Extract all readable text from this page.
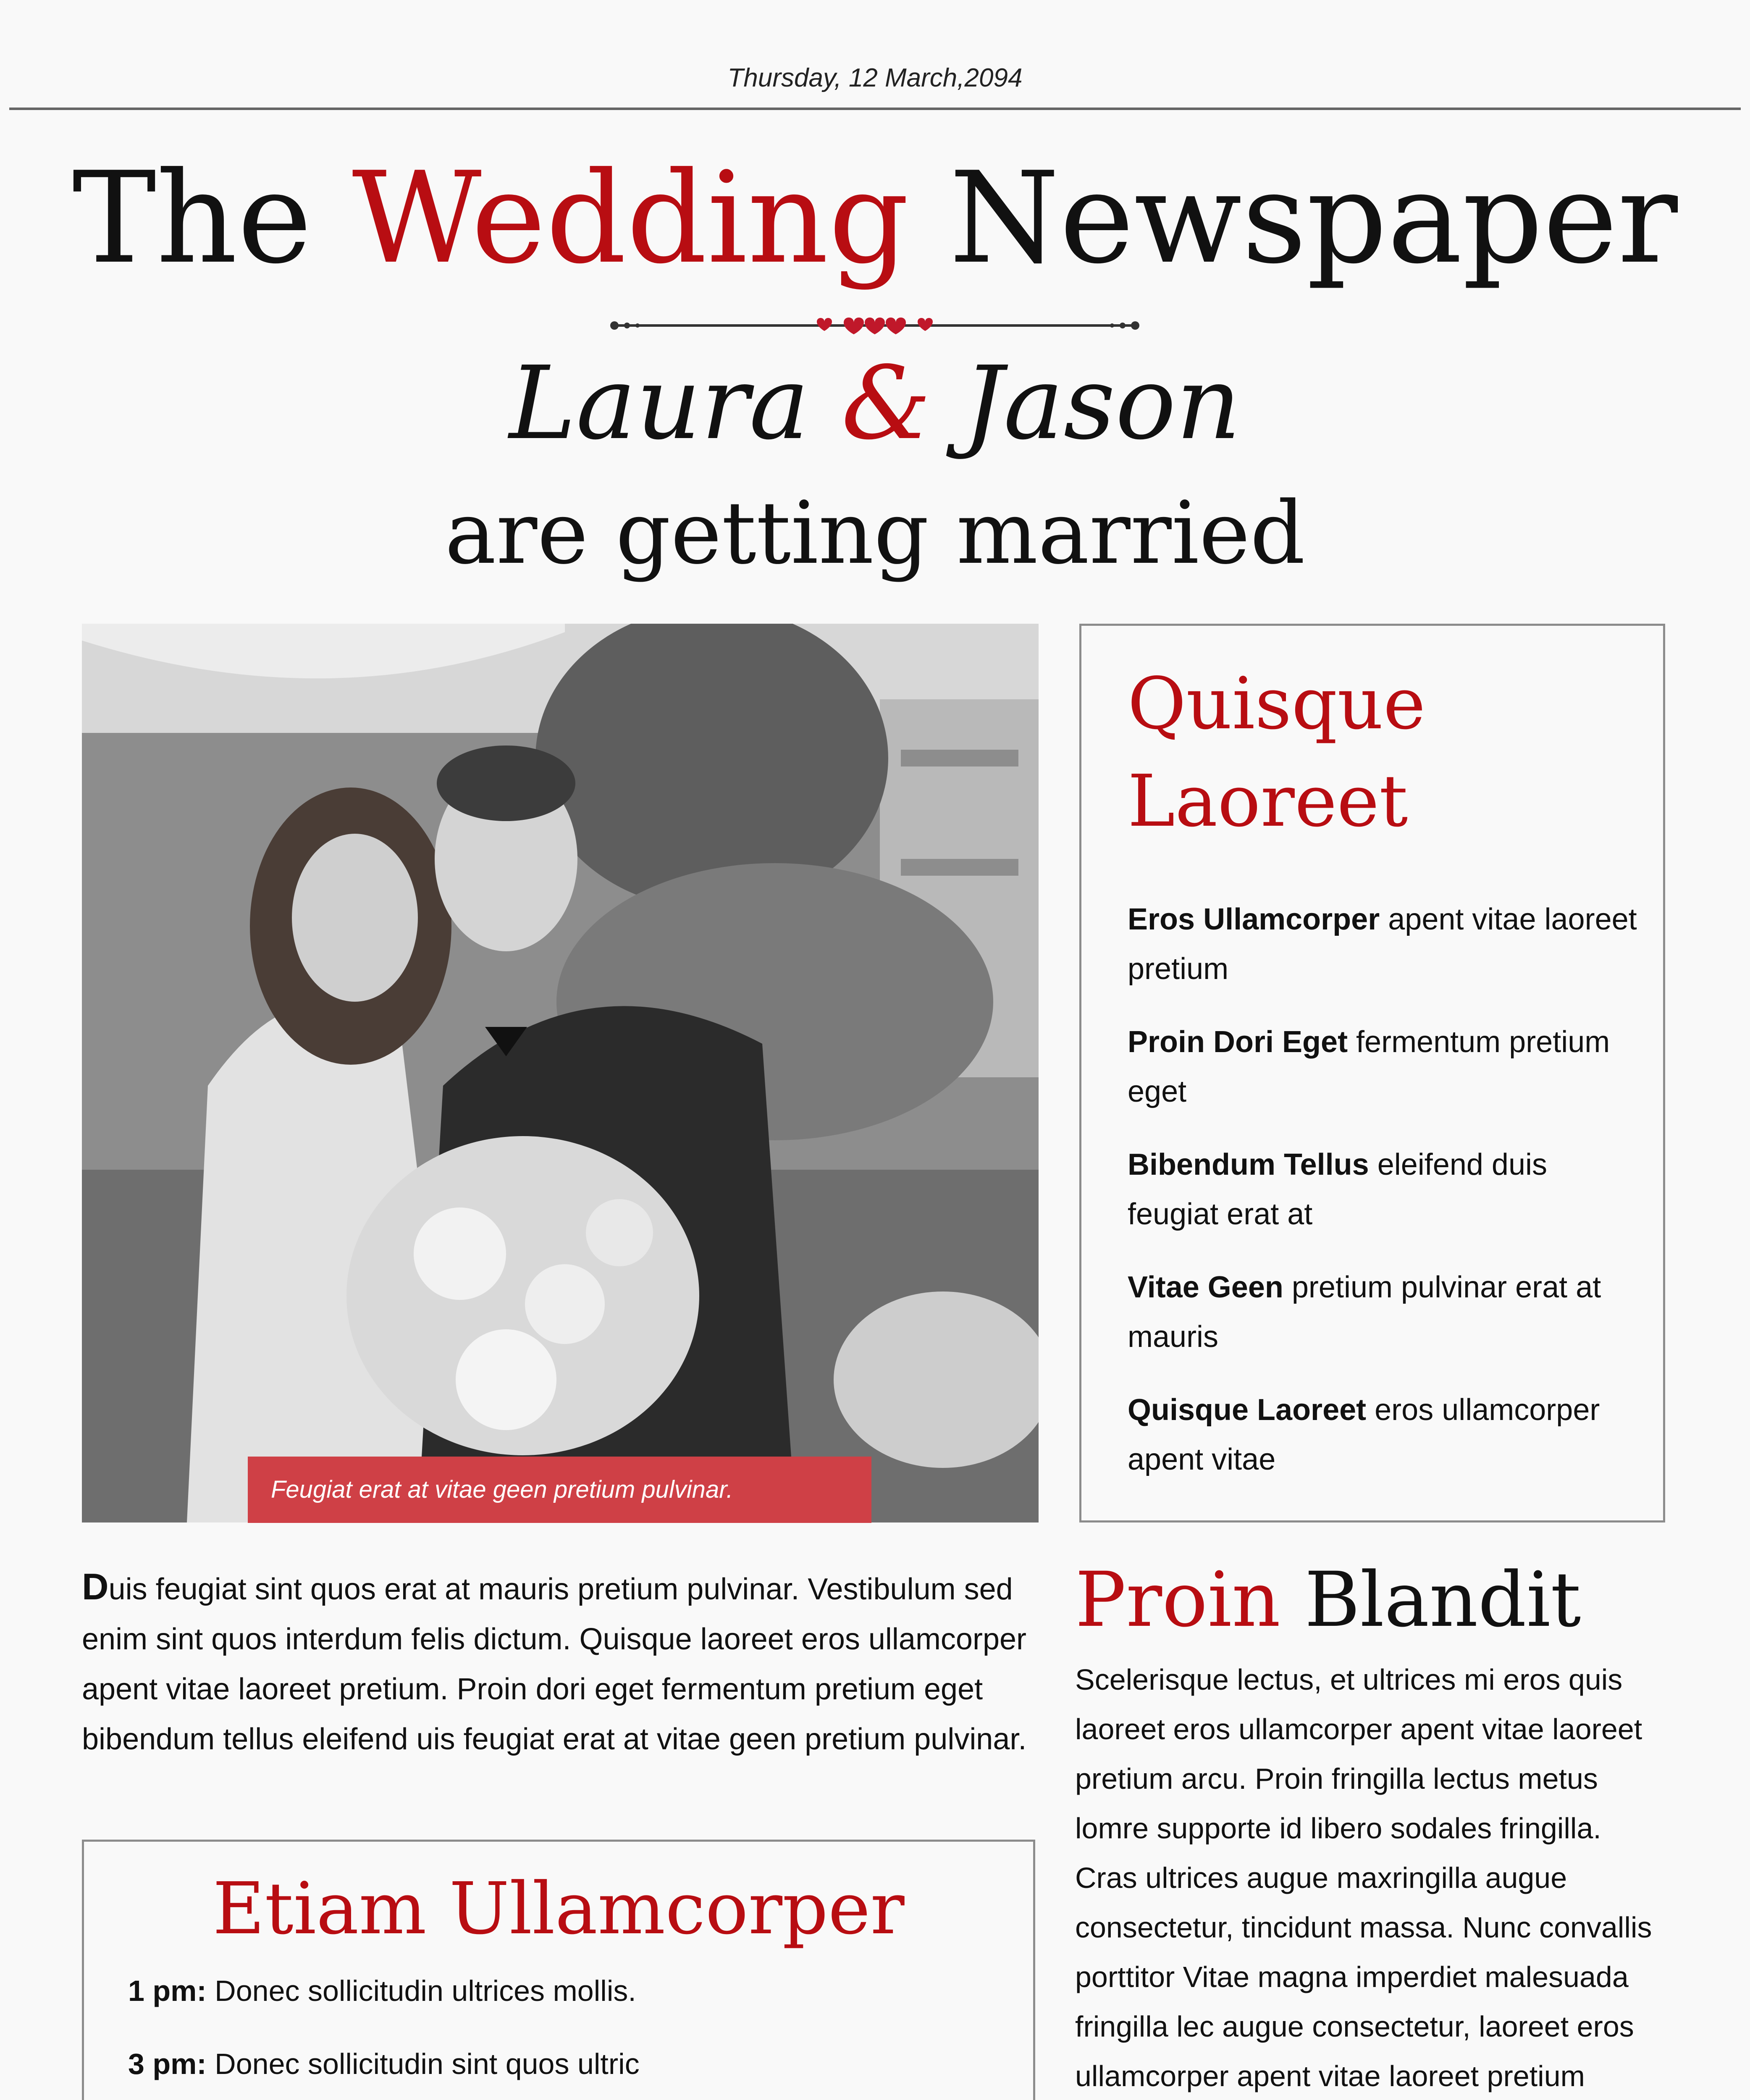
Thursday, 12 March,2094
The Wedding Newspaper
Laura & Jason
are getting married
Feugiat erat at vitae geen pretium pulvinar.
Quisque
Laoreet
Eros Ullamcorper apent vitae laoreet pretium
Proin Dori Eget fermentum pretium eget
Bibendum Tellus eleifend duis feugiat erat at
Vitae Geen pretium pulvinar erat at mauris
Quisque Laoreet eros ullamcorper apent vitae
Duis feugiat sint quos erat at mauris pretium pulvinar. Vestibulum sed enim sint quos interdum felis dictum. Quisque laoreet eros ullamcorper apent vitae laoreet pretium. Proin dori eget fermentum pretium eget bibendum tellus eleifend uis feugiat erat at vitae geen pretium pulvinar.
Etiam Ullamcorper
1 pm: Donec sollicitudin ultrices mollis.
3 pm: Donec sollicitudin sint quos ultric
Proin Blandit
Scelerisque lectus, et ultrices mi eros quis laoreet eros ullamcorper apent vitae laoreet pretium arcu. Proin fringilla lectus metus lomre supporte id libero sodales fringilla. Cras ultrices augue maxringilla augue consectetur, tincidunt massa. Nunc convallis porttitor Vitae magna imperdiet malesuada fringilla lec augue consectetur, laoreet eros ullamcorper apent vitae laoreet pretium
